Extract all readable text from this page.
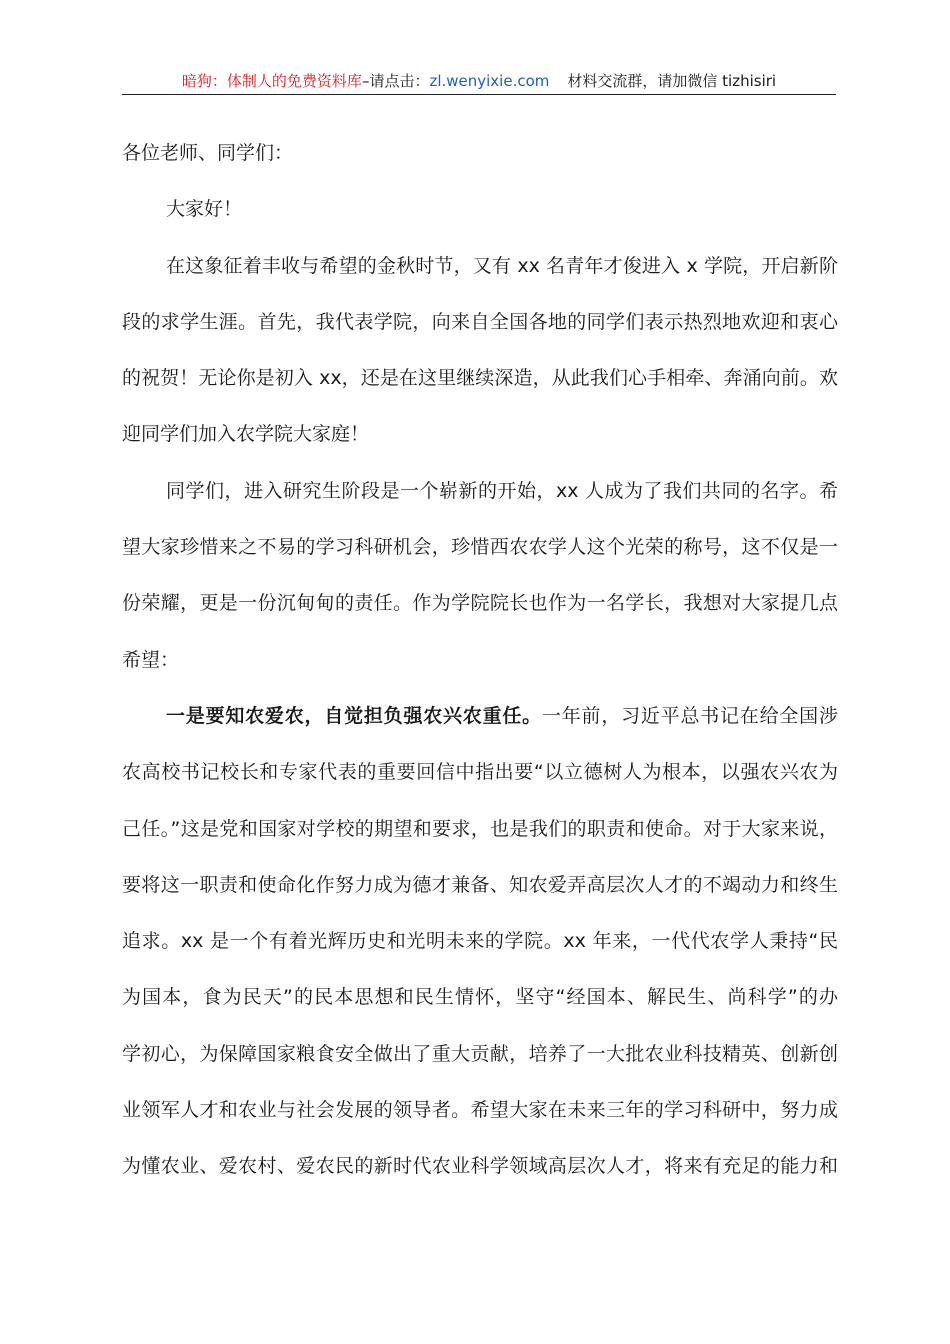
暗狗：体制人的免费资料库–请点击：zl.wenyixie.com 材料交流群，请加微信 tizhisiri
各位老师、同学们：
大家好！
在这象征着丰收与希望的金秋时节，又有 xx 名青年才俊进入 x 学院，开启新阶
段的求学生涯。首先，我代表学院，向来自全国各地的同学们表示热烈地欢迎和衷心
的祝贺！无论你是初入 xx，还是在这里继续深造，从此我们心手相牵、奔涌向前。欢
迎同学们加入农学院大家庭！
同学们，进入研究生阶段是一个崭新的开始，xx 人成为了我们共同的名字。希
望大家珍惜来之不易的学习科研机会，珍惜西农农学人这个光荣的称号，这不仅是一
份荣耀，更是一份沉甸甸的责任。作为学院院长也作为一名学长，我想对大家提几点
希望：
一是要知农爱农，自觉担负强农兴农重任。一年前，习近平总书记在给全国涉
农高校书记校长和专家代表的重要回信中指出要“以立德树人为根本，以强农兴农为
己任。”这是党和国家对学校的期望和要求，也是我们的职责和使命。对于大家来说，
要将这一职责和使命化作努力成为德才兼备、知农爱弄高层次人才的不竭动力和终生
追求。xx 是一个有着光辉历史和光明未来的学院。xx 年来，一代代农学人秉持“民
为国本，食为民天”的民本思想和民生情怀，坚守“经国本、解民生、尚科学”的办
学初心，为保障国家粮食安全做出了重大贡献，培养了一大批农业科技精英、创新创
业领军人才和农业与社会发展的领导者。希望大家在未来三年的学习科研中，努力成
为懂农业、爱农村、爱农民的新时代农业科学领域高层次人才，将来有充足的能力和
